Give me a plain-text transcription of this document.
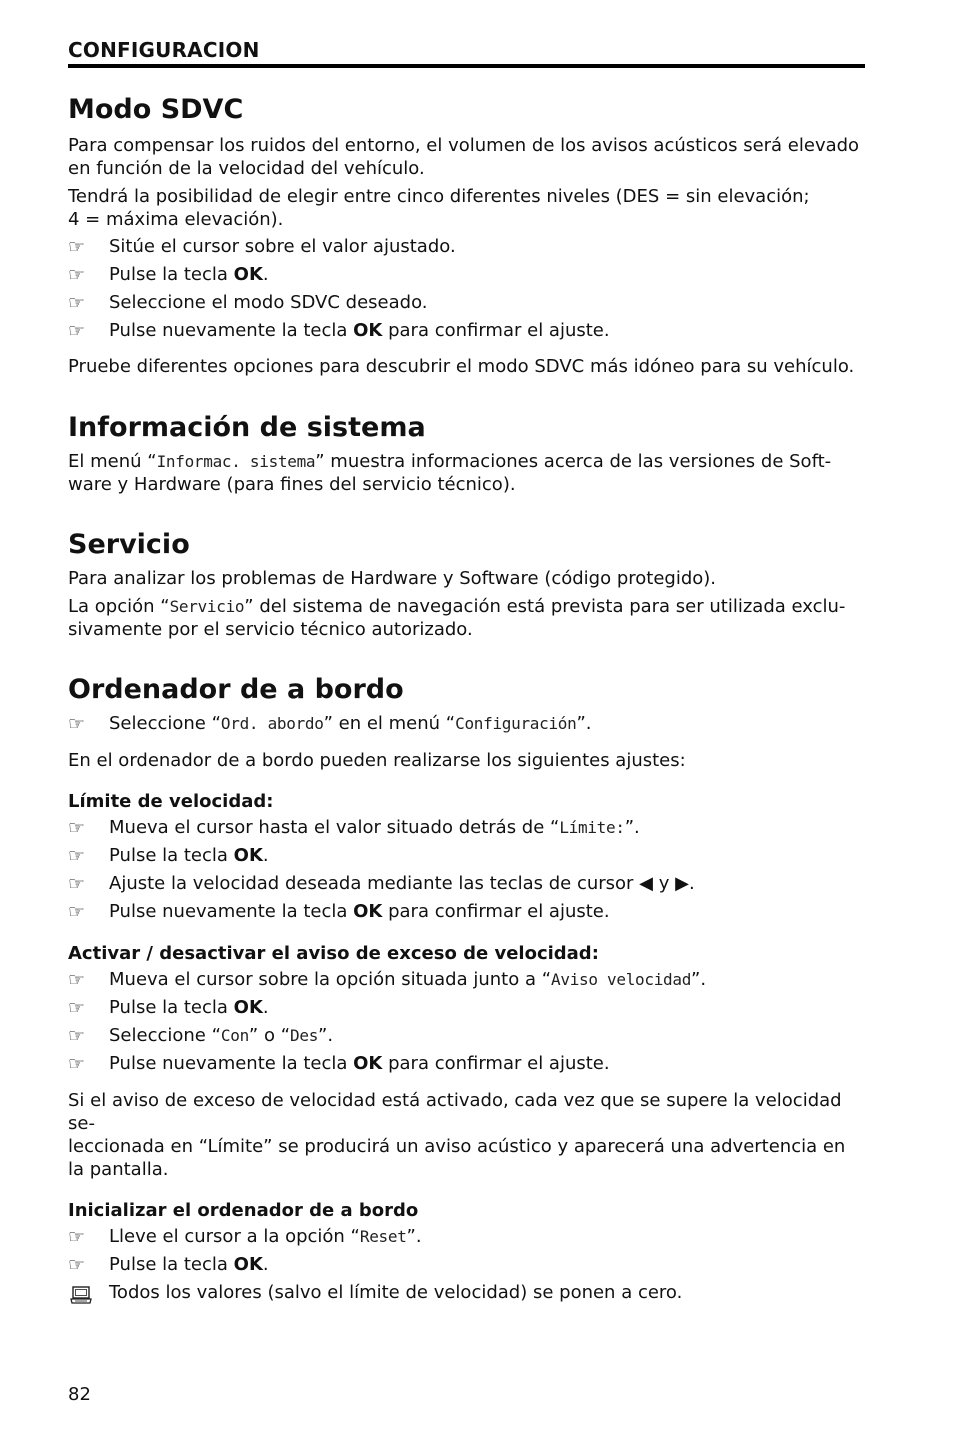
CONFIGURACION
Modo SDVC

Para compensar los ruidos del entorno, el volumen de los avisos acústicos será elevado en función de la velocidad del vehículo.

Tendrá la posibilidad de elegir entre cinco diferentes niveles (DES = sin elevación;
4 = máxima elevación).

☞	Sitúe el cursor sobre el valor ajustado.
☞	Pulse la tecla OK.
☞	Seleccione el modo SDVC deseado.
☞	Pulse nuevamente la tecla OK para confirmar el ajuste.

Pruebe diferentes opciones para descubrir el modo SDVC más idóneo para su vehículo.

Información de sistema

El menú “Informac. sistema” muestra informaciones acerca de las versiones de Soft-
ware y Hardware (para fines del servicio técnico).

Servicio

Para analizar los problemas de Hardware y Software (código protegido).

La opción “Servicio” del sistema de navegación está prevista para ser utilizada exclu-
sivamente por el servicio técnico autorizado.

Ordenador de a bordo
☞	Seleccione “Ord. abordo” en el menú “Configuración”.

En el ordenador de a bordo pueden realizarse los siguientes ajustes:

Límite de velocidad:
☞	Mueva el cursor hasta el valor situado detrás de “Límite:”.
☞	Pulse la tecla OK.
☞	Ajuste la velocidad deseada mediante las teclas de cursor ◀ y ▶.
☞	Pulse nuevamente la tecla OK para confirmar el ajuste.
Activar / desactivar el aviso de exceso de velocidad:
☞	Mueva el cursor sobre la opción situada junto a “Aviso velocidad”.
☞	Pulse la tecla OK.
☞	Seleccione “Con” o “Des”.
☞	Pulse nuevamente la tecla OK para confirmar el ajuste.

Si el aviso de exceso de velocidad está activado, cada vez que se supere la velocidad se-
leccionada en “Límite” se producirá un aviso acústico y aparecerá una advertencia en
la pantalla.

Inicializar el ordenador de a bordo
☞	Lleve el cursor a la opción “Reset”.
☞	Pulse la tecla OK.
Todos los valores (salvo el límite de velocidad) se ponen a cero.
82
